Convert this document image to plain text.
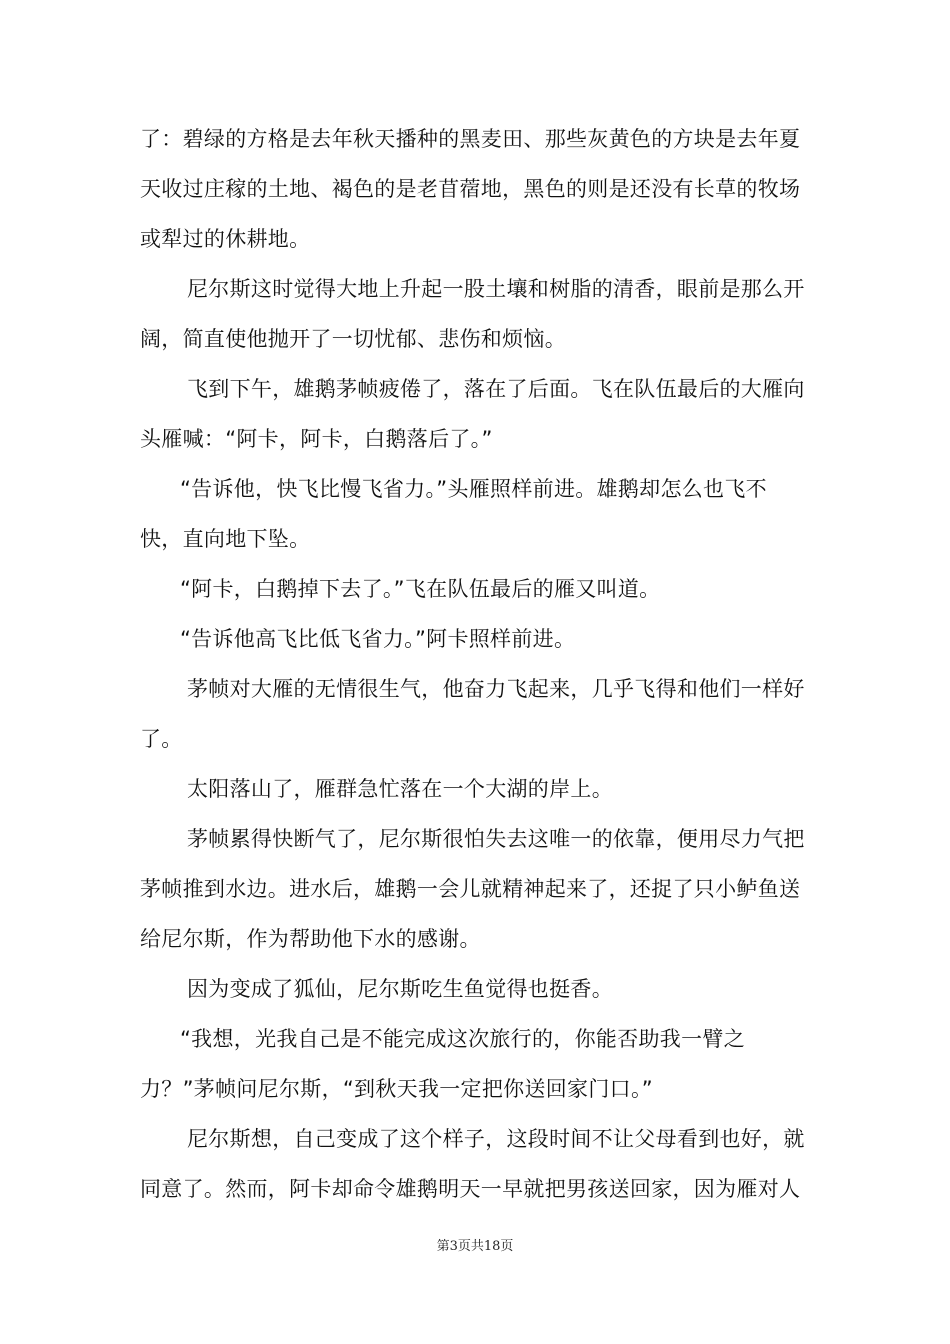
了：碧绿的方格是去年秋天播种的黑麦田、那些灰黄色的方块是去年夏
天收过庄稼的土地、褐色的是老苜蓿地，黑色的则是还没有长草的牧场
或犁过的休耕地。
尼尔斯这时觉得大地上升起一股土壤和树脂的清香，眼前是那么开
阔，简直使他抛开了一切忧郁、悲伤和烦恼。
飞到下午，雄鹅茅帧疲倦了，落在了后面。飞在队伍最后的大雁向
头雁喊：“阿卡，阿卡，白鹅落后了。”
“告诉他，快飞比慢飞省力。”头雁照样前进。雄鹅却怎么也飞不
快，直向地下坠。
“阿卡，白鹅掉下去了。”飞在队伍最后的雁又叫道。
“告诉他高飞比低飞省力。”阿卡照样前进。
茅帧对大雁的无情很生气，他奋力飞起来，几乎飞得和他们一样好
了。
太阳落山了，雁群急忙落在一个大湖的岸上。
茅帧累得快断气了，尼尔斯很怕失去这唯一的依靠，便用尽力气把
茅帧推到水边。进水后，雄鹅一会儿就精神起来了，还捉了只小鲈鱼送
给尼尔斯，作为帮助他下水的感谢。
因为变成了狐仙，尼尔斯吃生鱼觉得也挺香。
“我想，光我自己是不能完成这次旅行的，你能否助我一臂之
力？”茅帧问尼尔斯，“到秋天我一定把你送回家门口。”
尼尔斯想，自己变成了这个样子，这段时间不让父母看到也好，就
同意了。然而，阿卡却命令雄鹅明天一早就把男孩送回家，因为雁对人
第3页共18页
